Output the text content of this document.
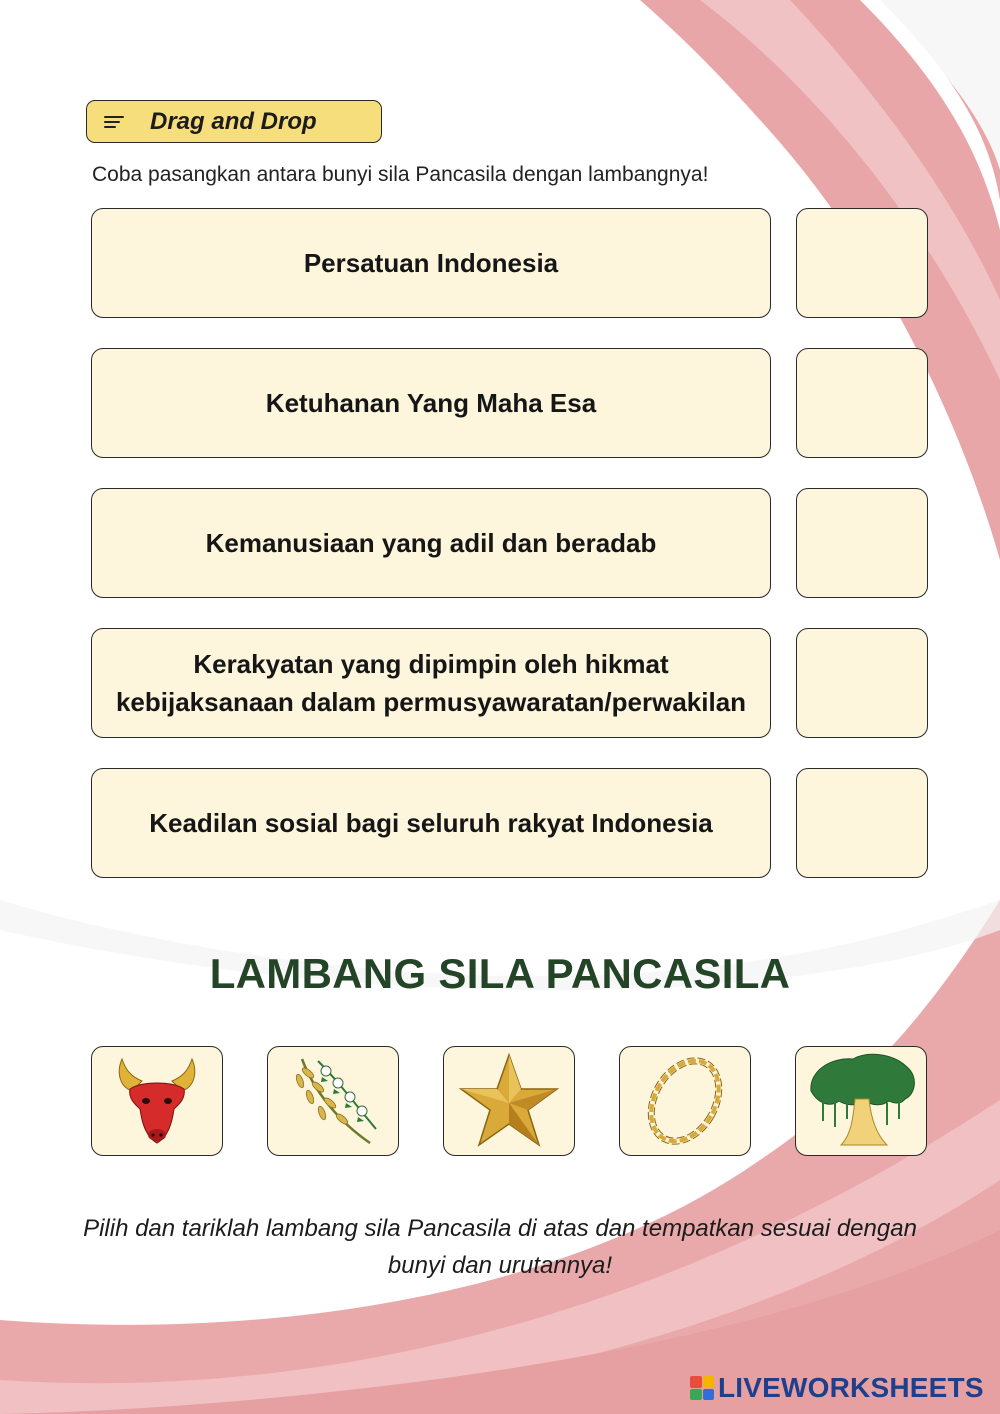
Drag and Drop
Coba pasangkan antara bunyi sila Pancasila dengan lambangnya!
Persatuan Indonesia
Ketuhanan Yang Maha Esa
Kemanusiaan yang adil dan beradab
Kerakyatan yang dipimpin oleh hikmat kebijaksanaan dalam permusyawaratan/perwakilan
Keadilan sosial bagi seluruh rakyat Indonesia
LAMBANG SILA PANCASILA
Pilih dan tariklah lambang sila Pancasila di atas dan tempatkan sesuai dengan bunyi dan urutannya!
LIVEWORKSHEETS
